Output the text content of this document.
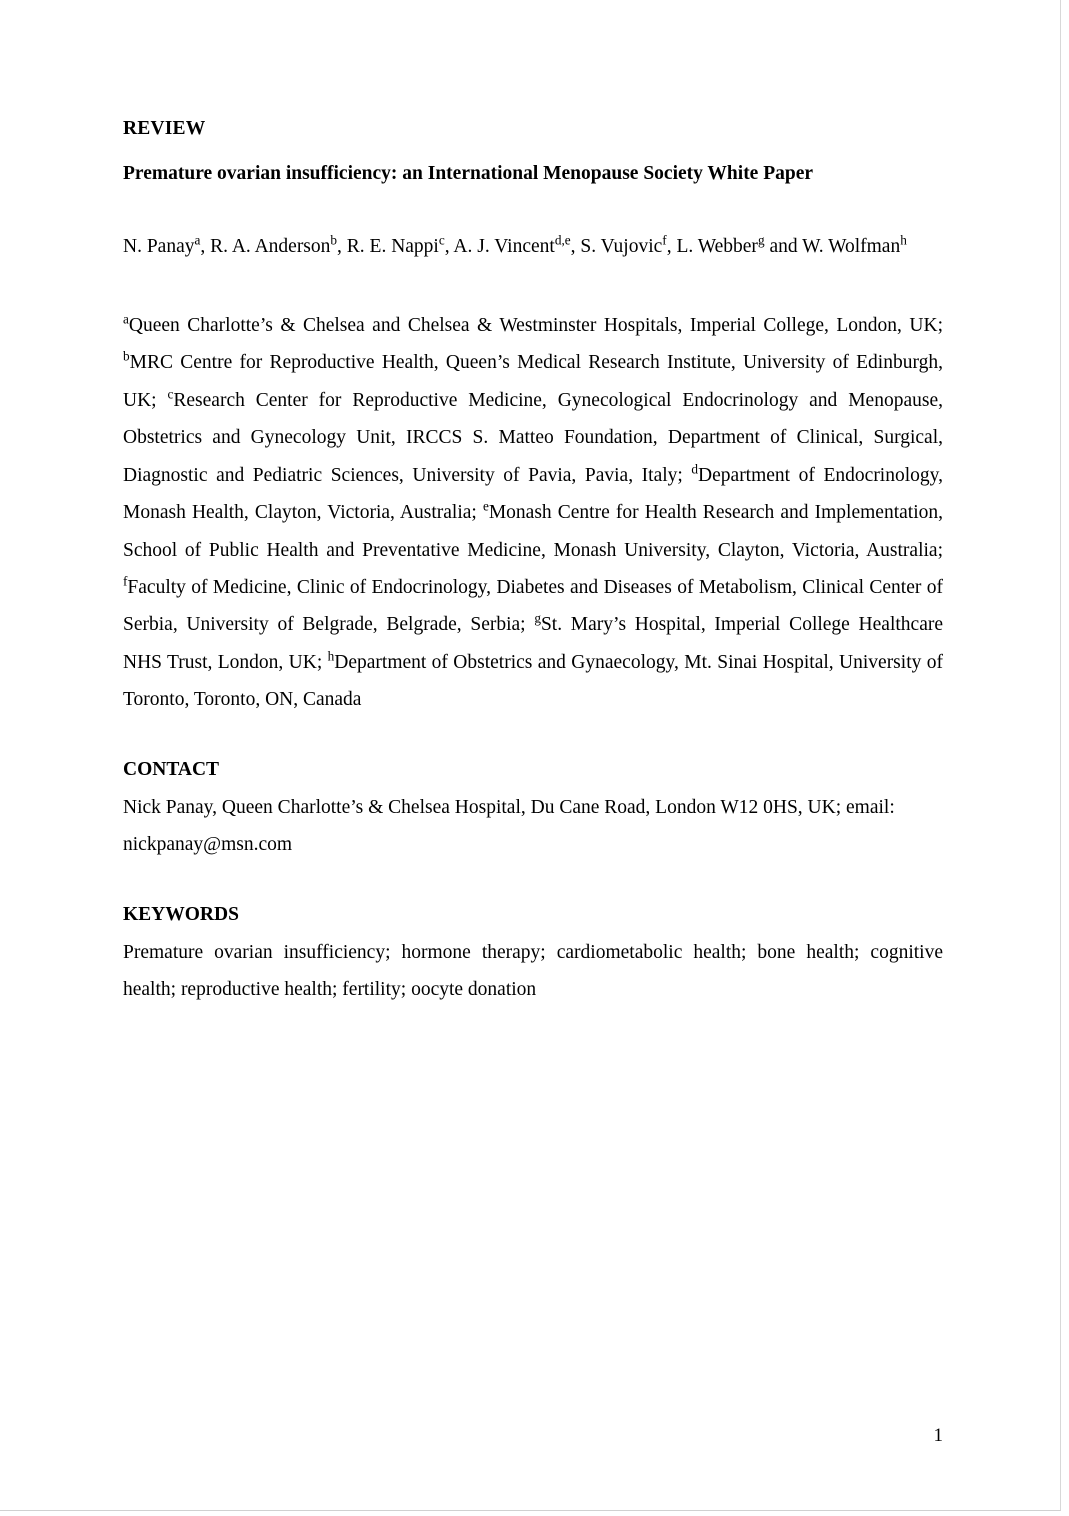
REVIEW
Premature ovarian insufficiency: an International Menopause Society White Paper
N. Panay$^a$, R. A. Anderson$^b$, R. E. Nappi$^c$, A. J. Vincent$^{d,e}$, S. Vujovic$^f$, L. Webber$^g$ and W. Wolfman$^h$
$^a$Queen Charlotte’s & Chelsea and Chelsea & Westminster Hospitals, Imperial College, London, UK; $^b$MRC Centre for Reproductive Health, Queen’s Medical Research Institute, University of Edinburgh, UK; $^c$Research Center for Reproductive Medicine, Gynecological Endocrinology and Menopause, Obstetrics and Gynecology Unit, IRCCS S. Matteo Foundation, Department of Clinical, Surgical, Diagnostic and Pediatric Sciences, University of Pavia, Pavia, Italy; $^d$Department of Endocrinology, Monash Health, Clayton, Victoria, Australia; $^e$Monash Centre for Health Research and Implementation, School of Public Health and Preventative Medicine, Monash University, Clayton, Victoria, Australia; $^f$Faculty of Medicine, Clinic of Endocrinology, Diabetes and Diseases of Metabolism, Clinical Center of Serbia, University of Belgrade, Belgrade, Serbia; $^g$St. Mary’s Hospital, Imperial College Healthcare NHS Trust, London, UK; $^h$Department of Obstetrics and Gynaecology, Mt. Sinai Hospital, University of Toronto, Toronto, ON, Canada
CONTACT
Nick Panay, Queen Charlotte’s & Chelsea Hospital, Du Cane Road, London W12 0HS, UK; email: nickpanay@msn.com
KEYWORDS
Premature ovarian insufficiency; hormone therapy; cardiometabolic health; bone health; cognitive health; reproductive health; fertility; oocyte donation
1
